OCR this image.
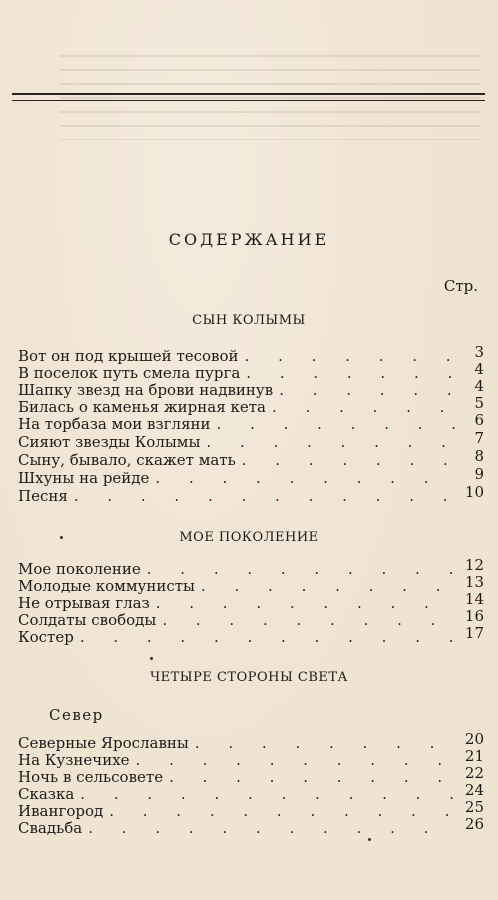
СОДЕРЖАНИЕ
Стр.
СЫН КОЛЫМЫ
Вот он под крышей тесовой . . .	3
В поселок путь смела пурга . . .	4
Шапку звезд на брови надвинув . . .	4
Билась о каменья жирная кета . . .	5
На торбаза мои взгляни . . .	6
Сияют звезды Колымы . . .	7
Сыну, бывало, скажет мать . . .	8
Шхуны на рейде . . .	9
Песня . . .	10
МОЕ ПОКОЛЕНИЕ
Мое поколение . . .	12
Молодые коммунисты . . .	13
Не отрывая глаз . . .	14
Солдаты свободы . . .	16
Костер . . .	17
ЧЕТЫРЕ СТОРОНЫ СВЕТА
Север
Северные Ярославны . . .	20
На Кузнечихе . . .	21
Ночь в сельсовете . . .	22
Сказка . . .	24
Ивангород . . .	25
Свадьба . . .	26
